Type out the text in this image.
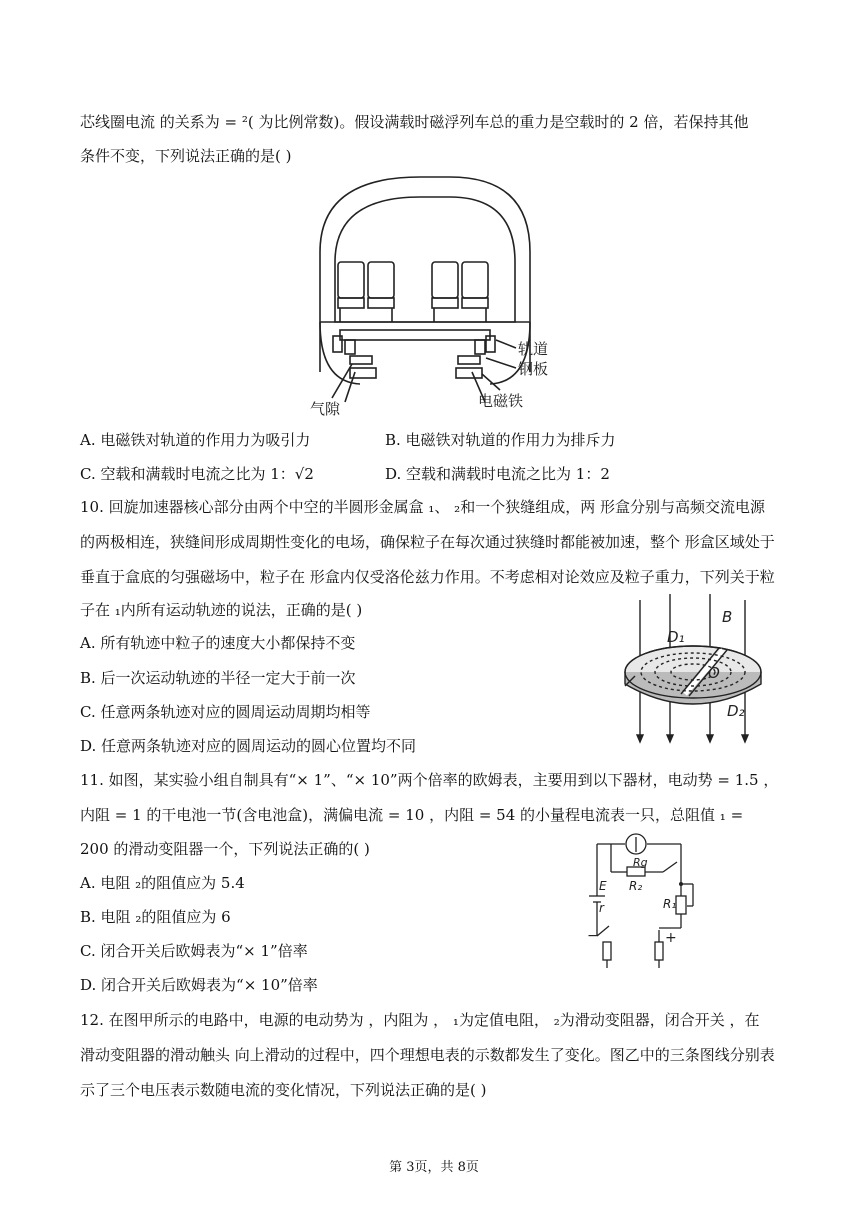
芯线圈电流 的关系为 = ²( 为比例常数)。假设满载时磁浮列车总的重力是空载时的 2 倍，若保持其他
条件不变，下列说法正确的是( )
轨道
钢板
气隙	电磁铁
A. 电磁铁对轨道的作用力为吸引力	B. 电磁铁对轨道的作用力为排斥力
C. 空载和满载时电流之比为 1：√2	D. 空载和满载时电流之比为 1：2
10. 回旋加速器核心部分由两个中空的半圆形金属盒 ₁、 ₂和一个狭缝组成，两 形盒分别与高频交流电源
的两极相连，狭缝间形成周期性变化的电场，确保粒子在每次通过狭缝时都能被加速，整个 形盒区域处于
垂直于盒底的匀强磁场中，粒子在 形盒内仅受洛伦兹力作用。不考虑相对论效应及粒子重力，下列关于粒
子在 ₁内所有运动轨迹的说法，正确的是( )	B
D₁
O
D₂
A. 所有轨迹中粒子的速度大小都保持不变
B. 后一次运动轨迹的半径一定大于前一次
C. 任意两条轨迹对应的圆周运动周期均相等
D. 任意两条轨迹对应的圆周运动的圆心位置均不同
11. 如图，某实验小组自制具有“× 1”、“× 10”两个倍率的欧姆表，主要用到以下器材，电动势 = 1.5 ，
内阻 = 1 的干电池一节(含电池盒)，满偏电流 = 10 ，内阻 = 54 的小量程电流表一只，总阻值 ₁ =
200 的滑动变阻器一个，下列说法正确的( )
Rg
R₂
E
r	R₁
−	+
A. 电阻 ₂的阻值应为 5.4
B. 电阻 ₂的阻值应为 6
C. 闭合开关后欧姆表为“× 1”倍率
D. 闭合开关后欧姆表为“× 10”倍率
12. 在图甲所示的电路中，电源的电动势为 ，内阻为 ， ₁为定值电阻， ₂为滑动变阻器，闭合开关 ，在
滑动变阻器的滑动触头 向上滑动的过程中，四个理想电表的示数都发生了变化。图乙中的三条图线分别表
示了三个电压表示数随电流的变化情况，下列说法正确的是( )
第 3页，共 8页
